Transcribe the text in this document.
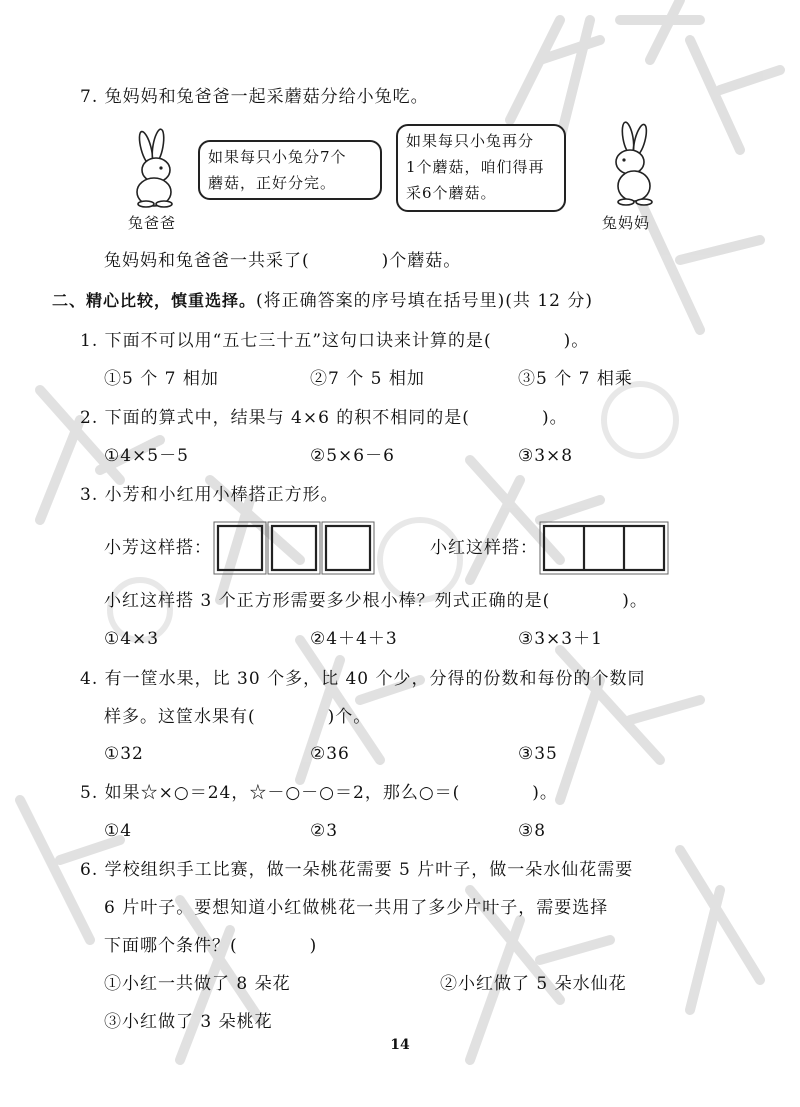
7. 兔妈妈和兔爸爸一起采蘑菇分给小兔吃。
如果每只小兔分7个
蘑菇，正好分完。
如果每只小兔再分
1个蘑菇，咱们得再
采6个蘑菇。
兔爸爸	兔妈妈
兔妈妈和兔爸爸一共采了(　　　　)个蘑菇。
二、精心比较，慎重选择。(将正确答案的序号填在括号里)(共 12 分)
1. 下面不可以用“五七三十五”这句口诀来计算的是(　　　　)。
①5 个 7 相加	②7 个 5 相加	③5 个 7 相乘
2. 下面的算式中，结果与 4×6 的积不相同的是(　　　　)。
①4×5－5	②5×6－6	③3×8
3. 小芳和小红用小棒搭正方形。
小芳这样搭：	小红这样搭：
小红这样搭 3 个正方形需要多少根小棒？列式正确的是(　　　　)。
①4×3	②4＋4＋3	③3×3＋1
4. 有一筐水果，比 30 个多，比 40 个少，分得的份数和每份的个数同
样多。这筐水果有(　　　　)个。
①32	②36	③35
5. 如果☆×○＝24，☆－○－○＝2，那么○＝(　　　　)。
①4	②3	③8
6. 学校组织手工比赛，做一朵桃花需要 5 片叶子，做一朵水仙花需要
6 片叶子。要想知道小红做桃花一共用了多少片叶子，需要选择
下面哪个条件？(　　　　)
①小红一共做了 8 朵花	②小红做了 5 朵水仙花
③小红做了 3 朵桃花
14
